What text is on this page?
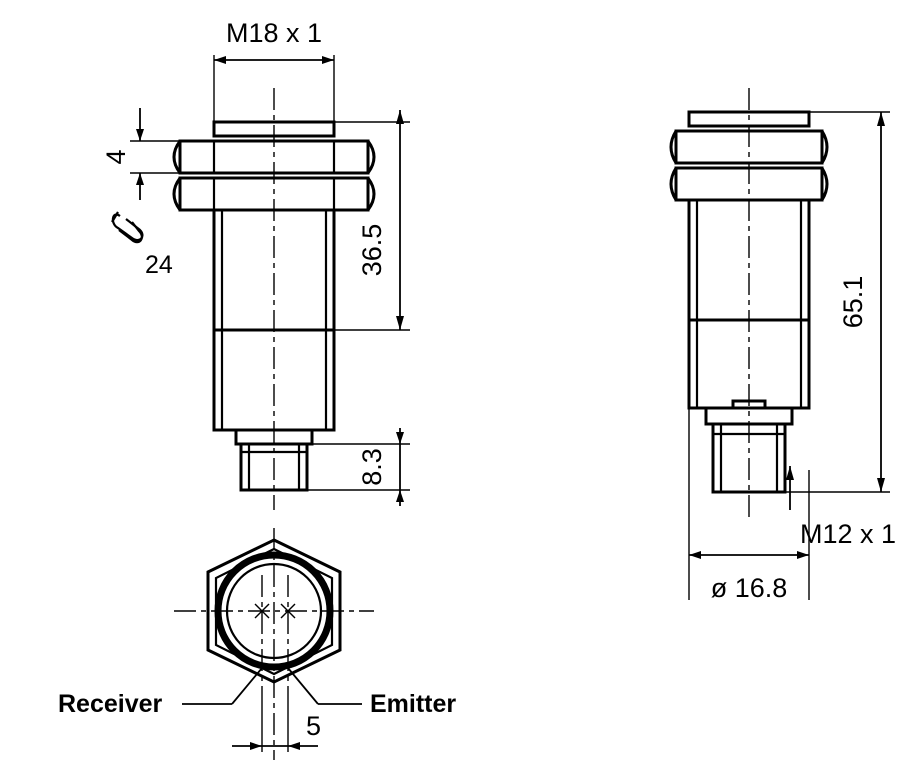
M18 x 1
4
24	36.5
8.3
65.1
M12 x 1
ø 16.8
Receiver	Emitter
5
